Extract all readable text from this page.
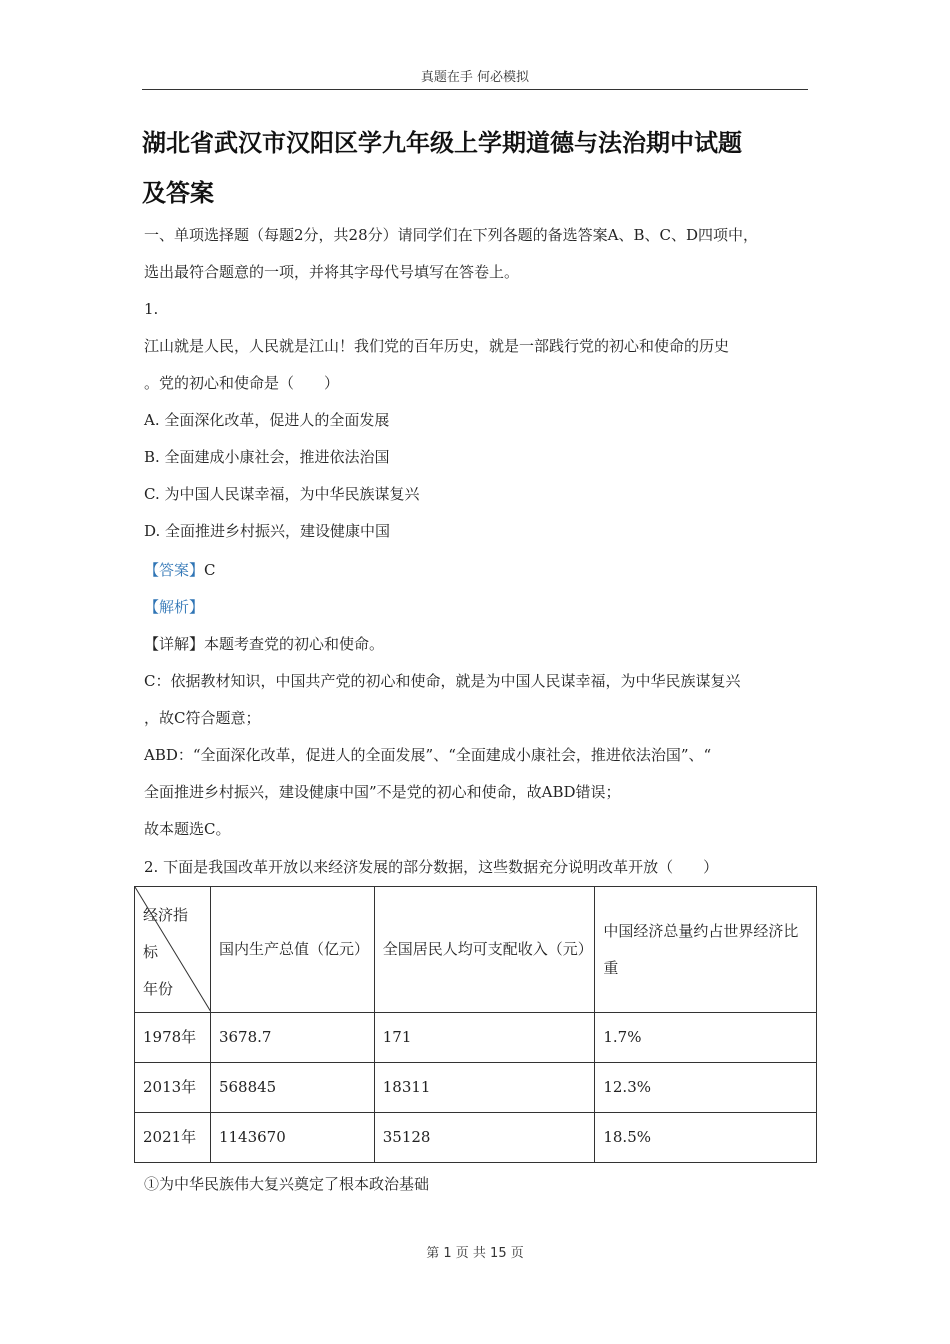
真题在手 何必模拟
湖北省武汉市汉阳区学九年级上学期道德与法治期中试题
及答案
一、单项选择题（每题2分，共28分）请同学们在下列各题的备选答案A、B、C、D四项中，
选出最符合题意的一项，并将其字母代号填写在答卷上。
1.
江山就是人民，人民就是江山！我们党的百年历史，就是一部践行党的初心和使命的历史
。党的初心和使命是（　　）
A. 全面深化改革，促进人的全面发展
B. 全面建成小康社会，推进依法治国
C. 为中国人民谋幸福，为中华民族谋复兴
D. 全面推进乡村振兴，建设健康中国
【答案】C
【解析】
【详解】本题考查党的初心和使命。
C：依据教材知识，中国共产党的初心和使命，就是为中国人民谋幸福，为中华民族谋复兴
，故C符合题意；
ABD：“全面深化改革，促进人的全面发展”、“全面建成小康社会，推进依法治国”、“
全面推进乡村振兴，建设健康中国”不是党的初心和使命，故ABD错误；
故本题选C。
2. 下面是我国改革开放以来经济发展的部分数据，这些数据充分说明改革开放（　　）
经济指
标
年份	国内生产总值（亿元）	全国居民人均可支配收入（元）	中国经济总量约占世界经济比重
1978年	3678.7	171	1.7%
2013年	568845	18311	12.3%
2021年	1143670	35128	18.5%
①为中华民族伟大复兴奠定了根本政治基础
第 1 页 共 15 页
